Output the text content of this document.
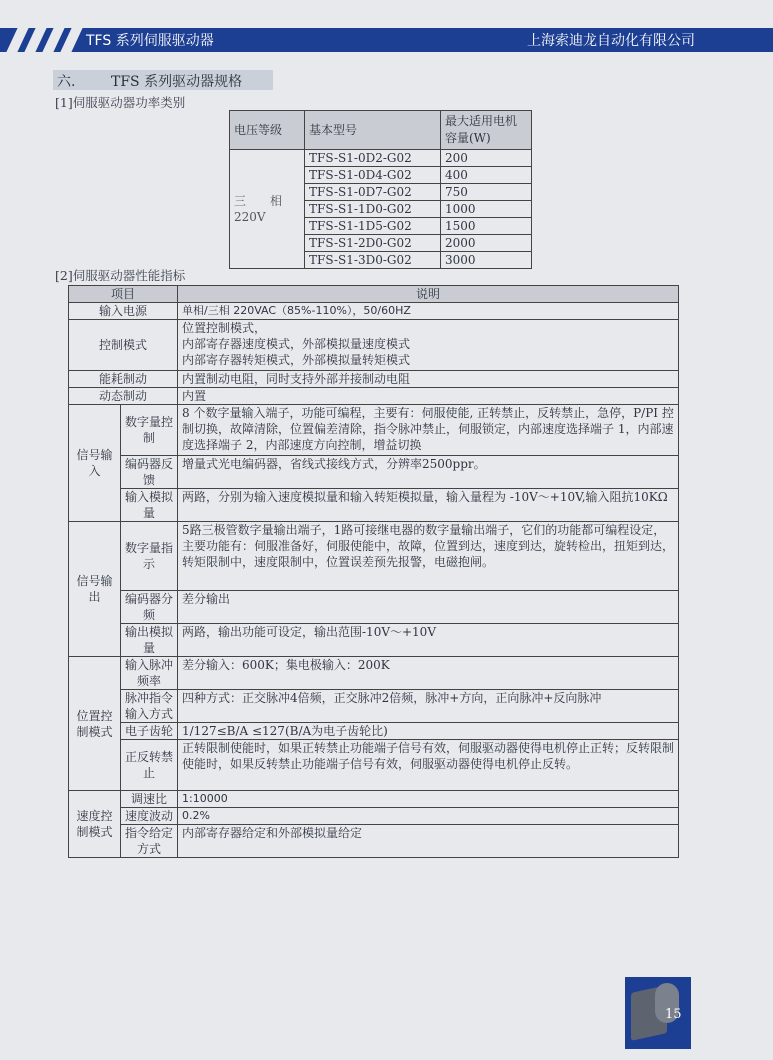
TFS 系列伺服驱动器	上海索迪龙自动化有限公司
六.	TFS 系列驱动器规格
[1]伺服驱动器功率类别
电压等级	基本型号	最大适用电机容量(W)

三　　相
220V	TFS-S1-0D2-G02	200
	TFS-S1-0D4-G02	400
	TFS-S1-0D7-G02	750
	TFS-S1-1D0-G02	1000
	TFS-S1-1D5-G02	1500
	TFS-S1-2D0-G02	2000
	TFS-S1-3D0-G02	3000
[2]伺服驱动器性能指标
项目		说明
输入电源		单相/三相 220VAC（85%-110%），50/60HZ
控制模式		位置控制模式，
内部寄存器速度模式，外部模拟量速度模式
内部寄存器转矩模式，外部模拟量转矩模式

能耗制动		内置制动电阻，同时支持外部并接制动电阻
动态制动		内置
信号输入	数字量控制	8 个数字量输入端子，功能可编程，主要有：伺服使能, 正转禁止，反转禁止，急停，P/PI 控制切换，故障清除，位置偏差清除，指令脉冲禁止，伺服锁定，内部速度选择端子 1，内部速度选择端子 2，内部速度方向控制，增益切换
	编码器反馈	增量式光电编码器，省线式接线方式，分辨率2500ppr。
	输入模拟量	两路，分别为输入速度模拟量和输入转矩模拟量，输入量程为 -10V～+10V,输入阻抗10KΩ
信号输出	数字量指示	5路三极管数字量输出端子，1路可接继电器的数字量输出端子，它们的功能都可编程设定，主要功能有：伺服准备好，伺服使能中，故障，位置到达，速度到达，旋转检出，扭矩到达，转矩限制中，速度限制中，位置误差预先报警，电磁抱闸。
	编码器分频	差分输出
	输出模拟量	两路，输出功能可设定，输出范围-10V～+10V
位置控制模式	输入脉冲频率	差分输入：600K；集电极输入：200K
	脉冲指令输入方式	四种方式：正交脉冲4倍频，正交脉冲2倍频，脉冲+方向，正向脉冲+反向脉冲
	电子齿轮	1/127≤B/A ≤127(B/A为电子齿轮比)
	正反转禁止	正转限制使能时，如果正转禁止功能端子信号有效，伺服驱动器使得电机停止正转；反转限制使能时，如果反转禁止功能端子信号有效，伺服驱动器使得电机停止反转。
速度控制模式	调速比	1:10000
	速度波动	0.2%
	指令给定方式	内部寄存器给定和外部模拟量给定
15
